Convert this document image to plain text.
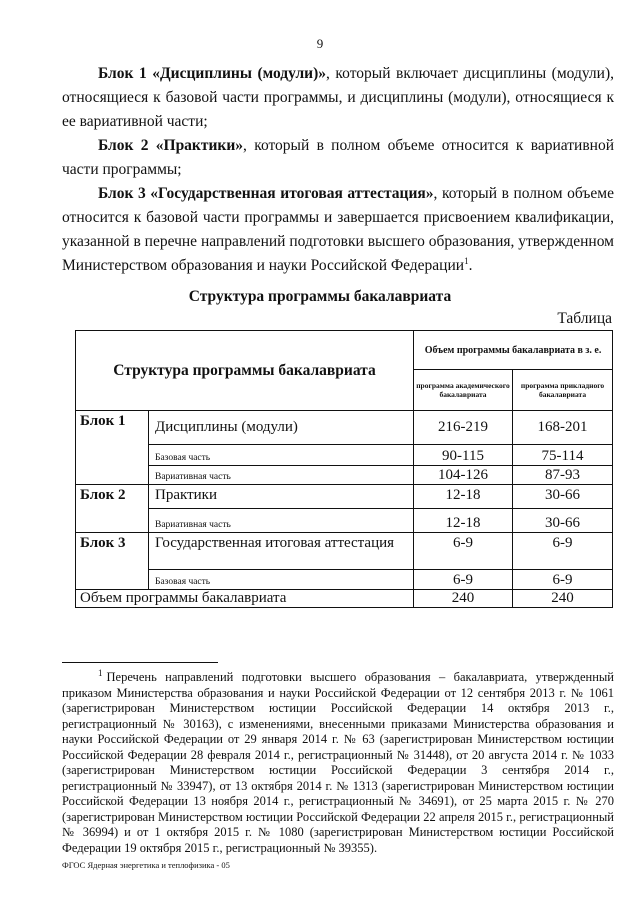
9

Блок 1 «Дисциплины (модули)», который включает дисциплины (модули), относящиеся к базовой части программы, и дисциплины (модули), относящиеся к ее вариативной части;

Блок 2 «Практики», который в полном объеме относится к вариативной части программы;

Блок 3 «Государственная итоговая аттестация», который в полном объеме относится к базовой части программы и завершается присвоением квалификации, указанной в перечне направлений подготовки высшего образования, утвержденном Министерством образования и науки Российской Федерации$^1$.

Структура программы бакалавриата
Таблица
Структура программы бакалавриата		Объем программы бакалавриата в з. е.	
		программа академического бакалавриата	программа прикладного бакалавриата
Блок 1	Дисциплины (модули)	216-219	168-201
	Базовая часть	90-115	75-114
	Вариативная часть	104-126	87-93
Блок 2	Практики	12-18	30-66
	Вариативная часть	12-18	30-66
Блок 3	Государственная итоговая аттестация	6-9	6-9
	Базовая часть	6-9	6-9
Объем программы бакалавриата		240	240

$^1$ Перечень направлений подготовки высшего образования – бакалавриата, утвержденный приказом Министерства образования и науки Российской Федерации от 12 сентября 2013 г. № 1061 (зарегистрирован Министерством юстиции Российской Федерации 14 октября 2013 г., регистрационный № 30163), с изменениями, внесенными приказами Министерства образования и науки Российской Федерации от 29 января 2014 г. № 63 (зарегистрирован Министерством юстиции Российской Федерации 28 февраля 2014 г., регистрационный № 31448), от 20 августа 2014 г. № 1033 (зарегистрирован Министерством юстиции Российской Федерации 3 сентября 2014 г., регистрационный № 33947), от 13 октября 2014 г. № 1313 (зарегистрирован Министерством юстиции Российской Федерации 13 ноября 2014 г., регистрационный № 34691), от 25 марта 2015 г. № 270 (зарегистрирован Министерством юстиции Российской Федерации 22 апреля 2015 г., регистрационный № 36994) и от 1 октября 2015 г. № 1080 (зарегистрирован Министерством юстиции Российской Федерации 19 октября 2015 г., регистрационный № 39355).

ФГОС Ядерная энергетика и теплофизика - 05
